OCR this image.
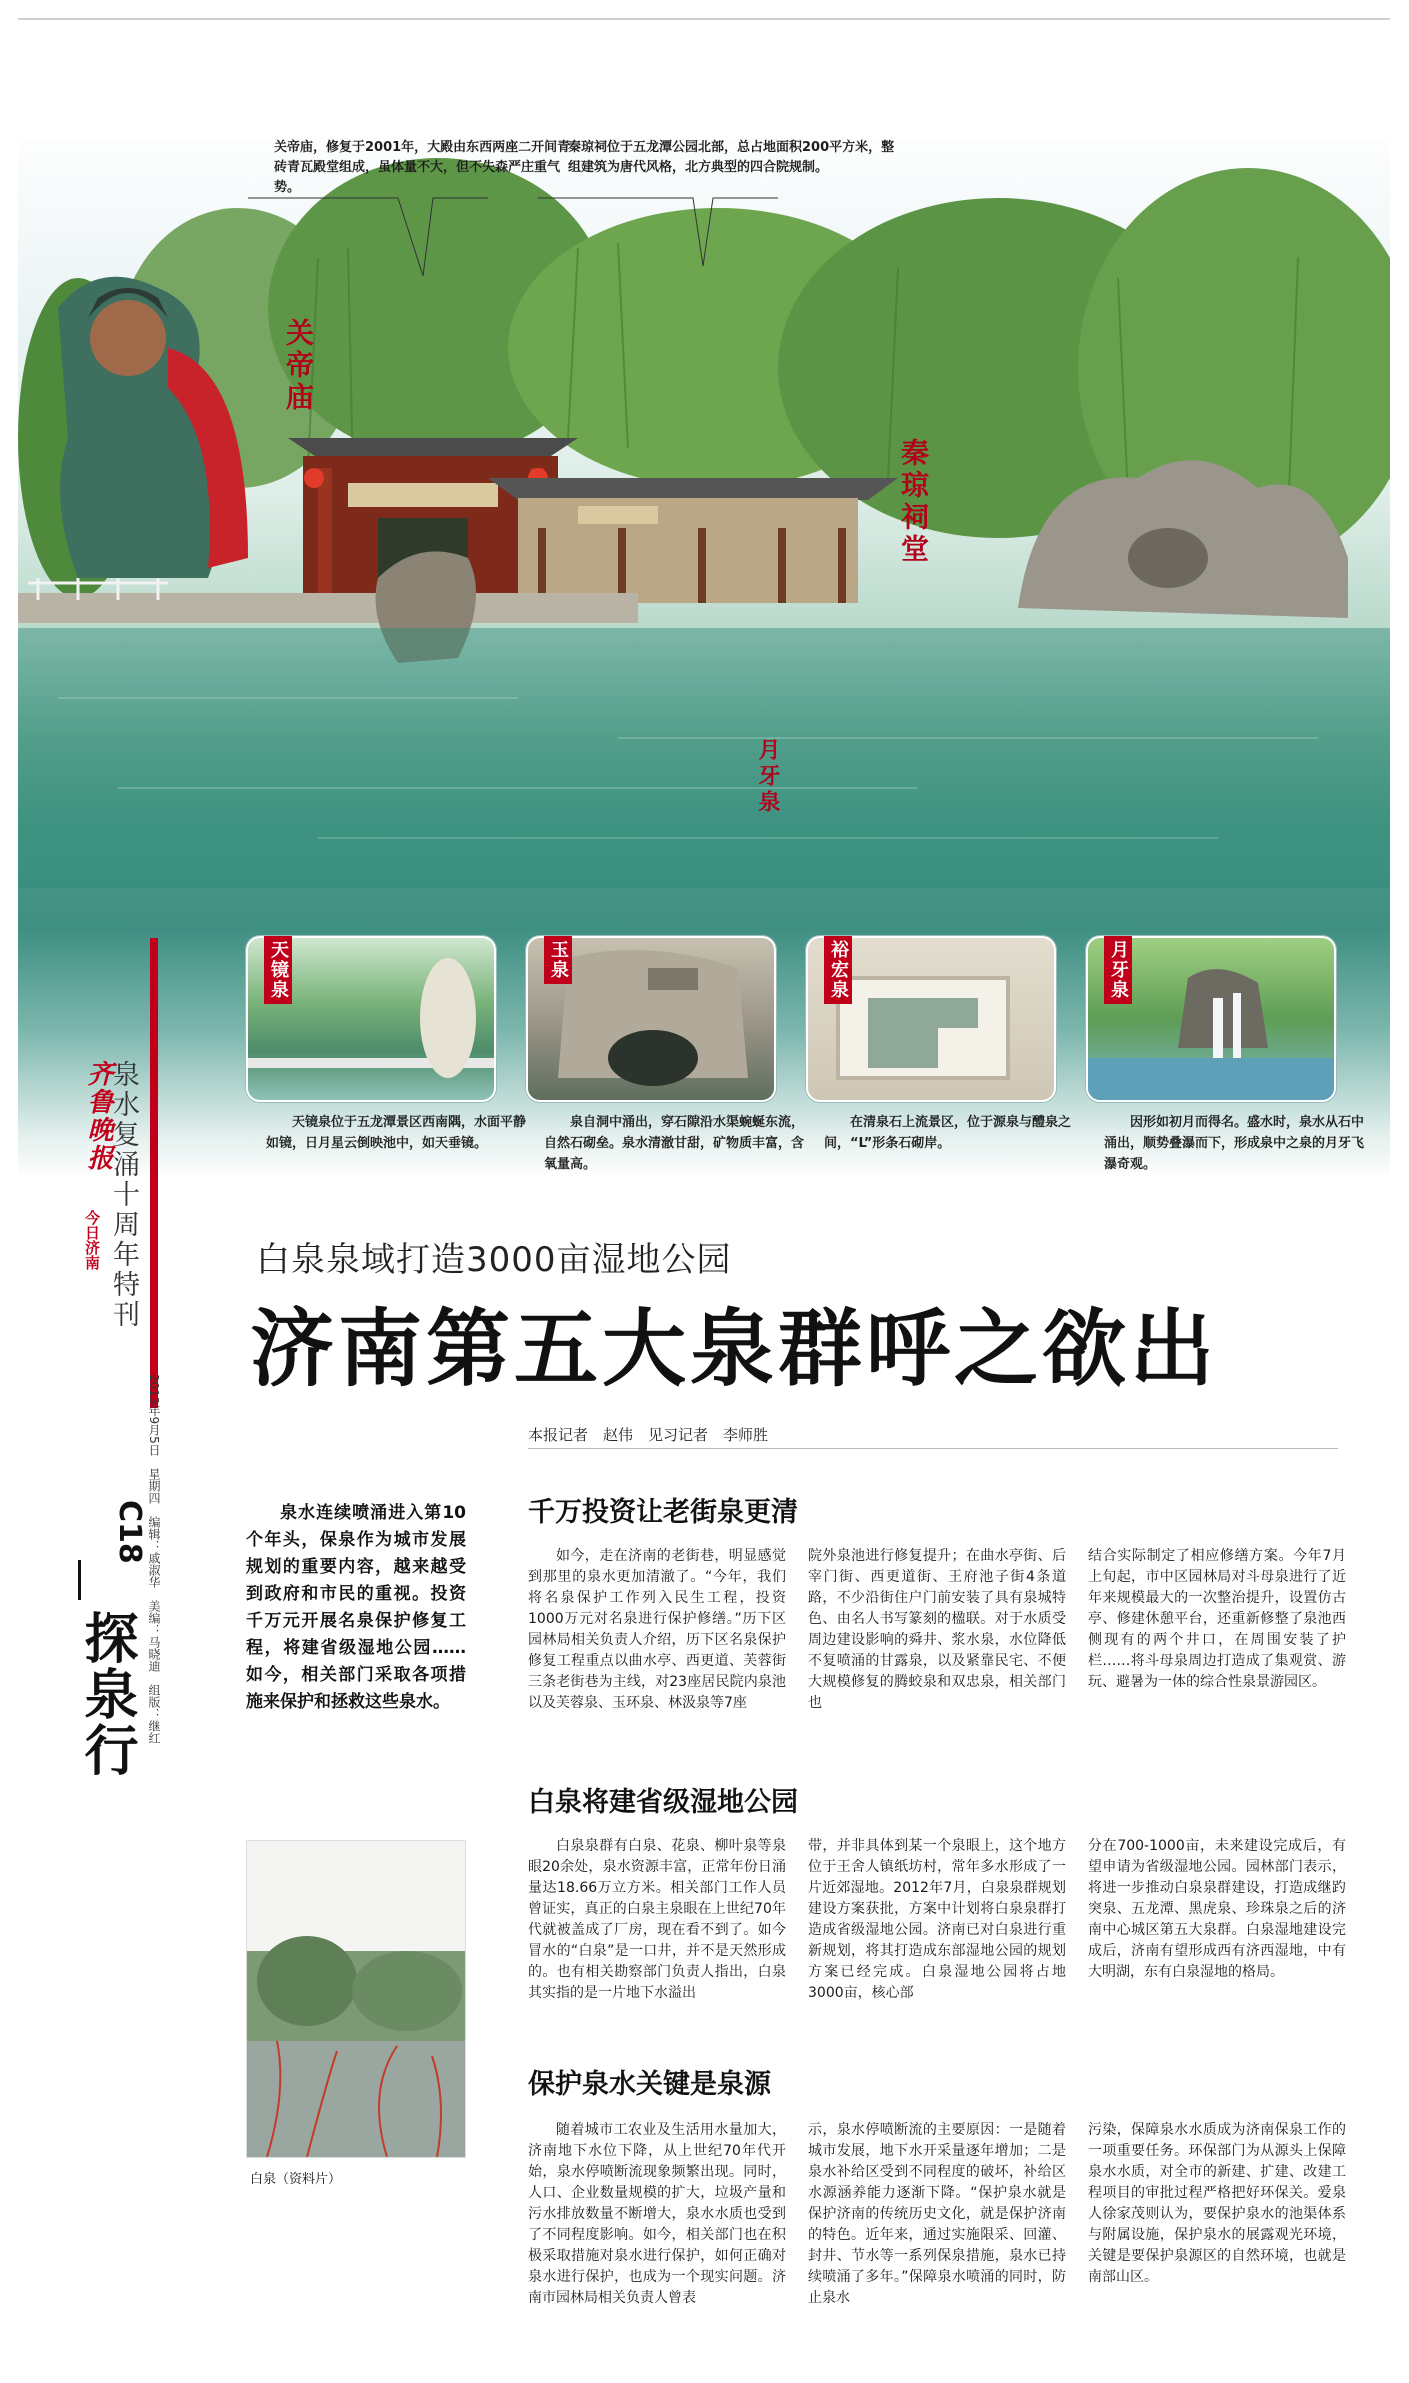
关帝庙，修复于2001年，大殿由东西两座二开间青砖青瓦殿堂组成，虽体量不大，但不失森严庄重气势。
秦琼祠位于五龙潭公园北部，总占地面积200平方米，整组建筑为唐代风格，北方典型的四合院规制。
关帝庙
秦琼祠堂
月牙泉
天镜泉	玉泉	裕宏泉	月牙泉
天镜泉位于五龙潭景区西南隅，水面平静如镜，日月星云倒映池中，如天垂镜。
泉自洞中涌出，穿石隙沿水渠蜿蜒东流，自然石砌垒。泉水清澈甘甜，矿物质丰富，含氧量高。
在清泉石上流景区，位于源泉与醴泉之间，“L”形条石砌岸。
因形如初月而得名。盛水时，泉水从石中涌出，顺势叠瀑而下，形成泉中之泉的月牙飞瀑奇观。
齐鲁晚报
今日济南 泉水复涌十周年特刊
2013年9月5日　星期四　编辑：戚淑华　美编：马晓迪　组版：继红
C18
探泉行
白泉泉域打造3000亩湿地公园
济南第五大泉群呼之欲出
本报记者　赵伟　见习记者　李师胜
泉水连续喷涌进入第10个年头，保泉作为城市发展规划的重要内容，越来越受到政府和市民的重视。投资千万元开展名泉保护修复工程，将建省级湿地公园……如今，相关部门采取各项措施来保护和拯救这些泉水。
千万投资让老街泉更清
如今，走在济南的老街巷，明显感觉到那里的泉水更加清澈了。“今年，我们将名泉保护工作列入民生工程，投资1000万元对名泉进行保护修缮。”历下区园林局相关负责人介绍，历下区名泉保护修复工程重点以曲水亭、西更道、芙蓉街三条老街巷为主线，对23座居民院内泉池以及芙蓉泉、玉环泉、林汲泉等7座
院外泉池进行修复提升；在曲水亭街、后宰门街、西更道街、王府池子街4条道路，不少沿街住户门前安装了具有泉城特色、由名人书写篆刻的楹联。对于水质受周边建设影响的舜井、浆水泉，水位降低不复喷涌的甘露泉，以及紧靠民宅、不便大规模修复的腾蛟泉和双忠泉，相关部门也
结合实际制定了相应修缮方案。今年7月上旬起，市中区园林局对斗母泉进行了近年来规模最大的一次整治提升，设置仿古亭、修建休憩平台，还重新修整了泉池西侧现有的两个井口，在周围安装了护栏……将斗母泉周边打造成了集观赏、游玩、避暑为一体的综合性泉景游园区。
白泉将建省级湿地公园
白泉泉群有白泉、花泉、柳叶泉等泉眼20余处，泉水资源丰富，正常年份日涌量达18.66万立方米。相关部门工作人员曾证实，真正的白泉主泉眼在上世纪70年代就被盖成了厂房，现在看不到了。如今冒水的“白泉”是一口井，并不是天然形成的。也有相关勘察部门负责人指出，白泉其实指的是一片地下水溢出
带，并非具体到某一个泉眼上，这个地方位于王舍人镇纸坊村，常年多水形成了一片近郊湿地。2012年7月，白泉泉群规划建设方案获批，方案中计划将白泉泉群打造成省级湿地公园。济南已对白泉进行重新规划，将其打造成东部湿地公园的规划方案已经完成。白泉湿地公园将占地3000亩，核心部
分在700-1000亩，未来建设完成后，有望申请为省级湿地公园。园林部门表示，将进一步推动白泉泉群建设，打造成继趵突泉、五龙潭、黑虎泉、珍珠泉之后的济南中心城区第五大泉群。白泉湿地建设完成后，济南有望形成西有济西湿地，中有大明湖，东有白泉湿地的格局。
白泉（资料片）
保护泉水关键是泉源
随着城市工农业及生活用水量加大，济南地下水位下降，从上世纪70年代开始，泉水停喷断流现象频繁出现。同时，人口、企业数量规模的扩大，垃圾产量和污水排放数量不断增大，泉水水质也受到了不同程度影响。如今，相关部门也在积极采取措施对泉水进行保护，如何正确对泉水进行保护，也成为一个现实问题。济南市园林局相关负责人曾表
示，泉水停喷断流的主要原因：一是随着城市发展，地下水开采量逐年增加；二是泉水补给区受到不同程度的破坏，补给区水源涵养能力逐渐下降。“保护泉水就是保护济南的传统历史文化，就是保护济南的特色。近年来，通过实施限采、回灌、封井、节水等一系列保泉措施，泉水已持续喷涌了多年。”保障泉水喷涌的同时，防止泉水
污染，保障泉水水质成为济南保泉工作的一项重要任务。环保部门为从源头上保障泉水水质，对全市的新建、扩建、改建工程项目的审批过程严格把好环保关。爱泉人徐家茂则认为，要保护泉水的池渠体系与附属设施，保护泉水的展露观光环境，关键是要保护泉源区的自然环境，也就是南部山区。
